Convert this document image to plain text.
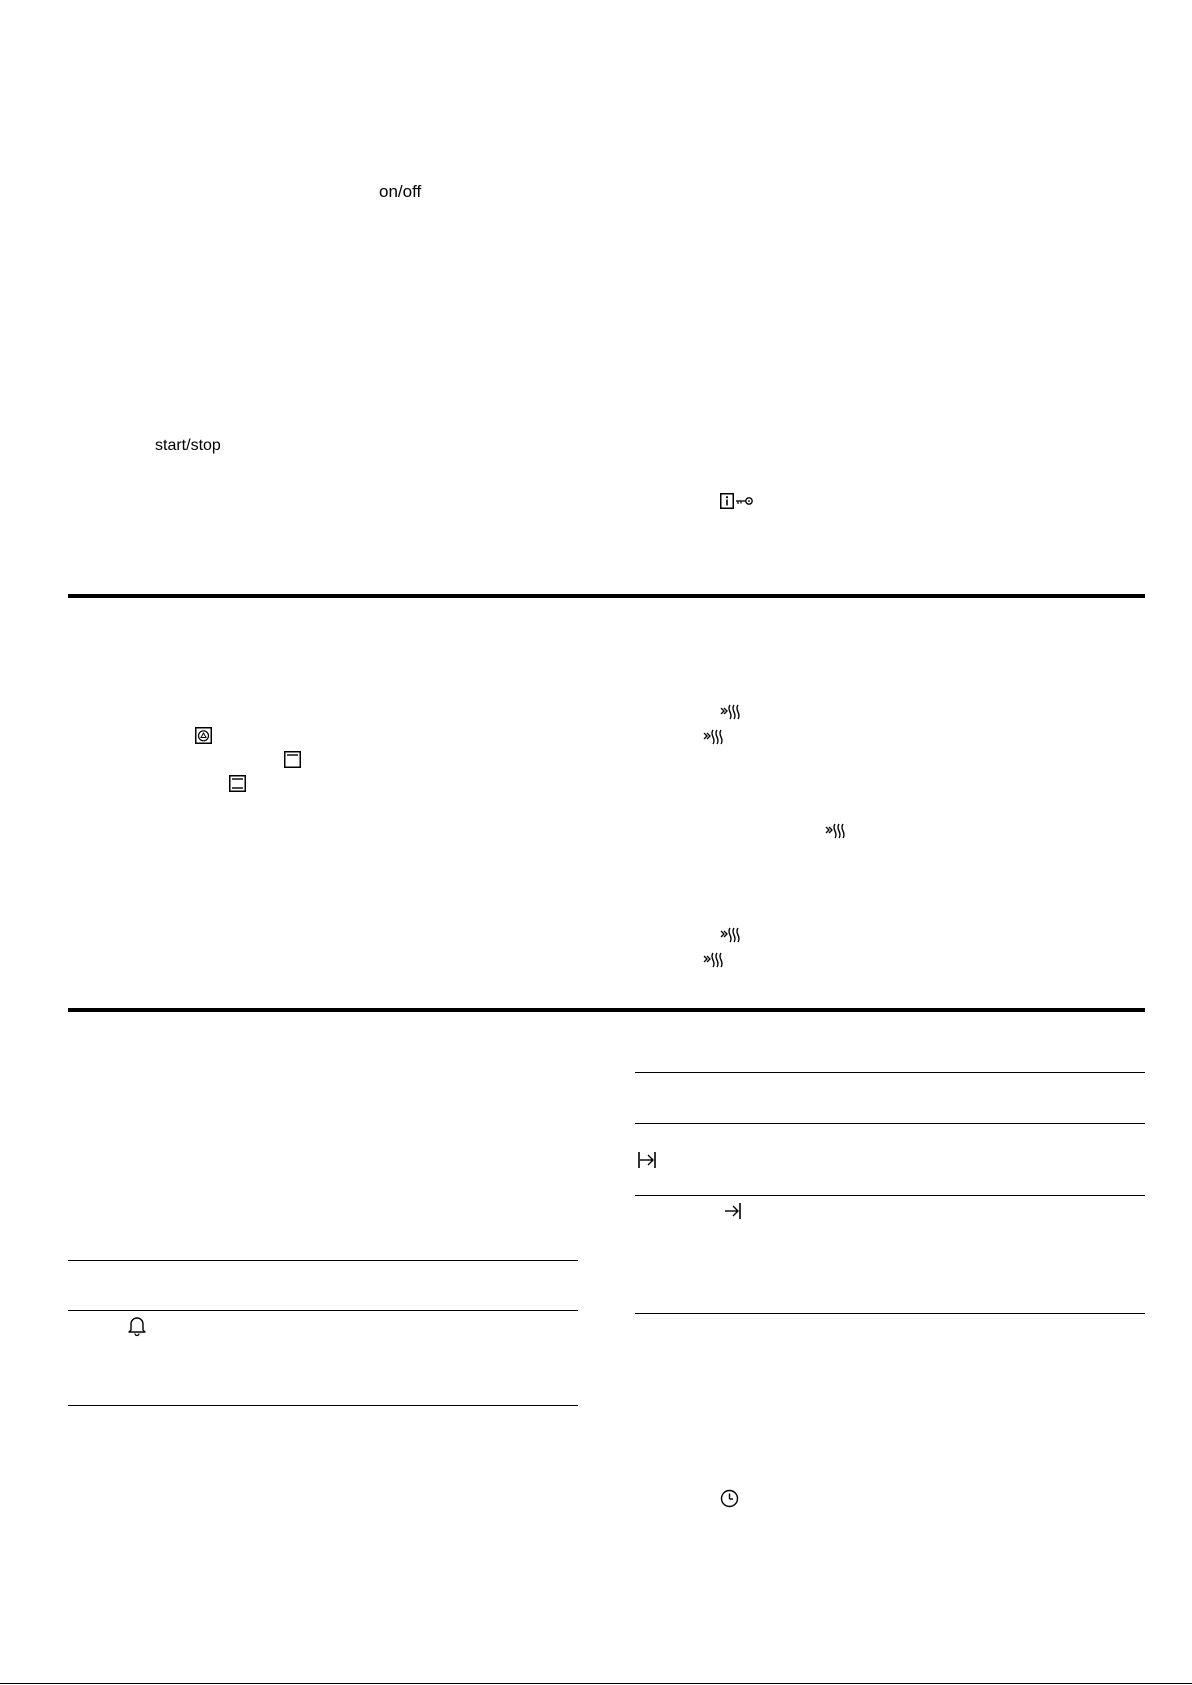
on/off
start/stop
